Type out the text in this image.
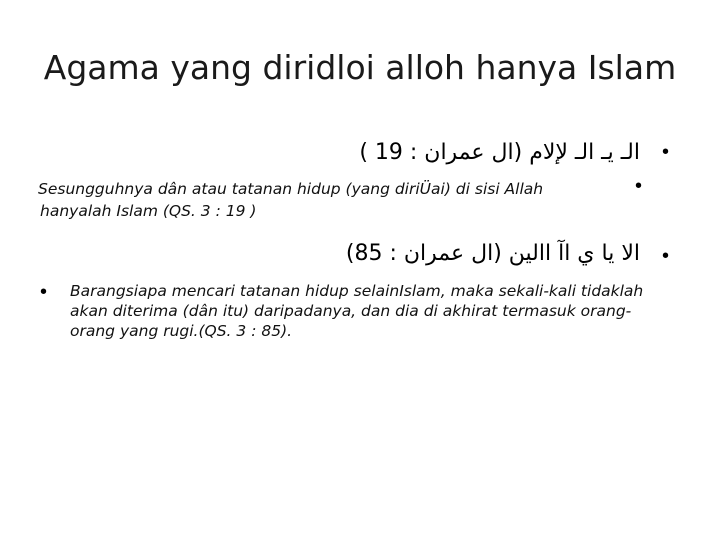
Agama yang diridloi alloh hanya Islam
•
الـ يـ الـ لإلام (ال عمران : 19 )
•
Sesungguhnya dân atau tatanan hidup (yang diriÜai) di sisi Allah
hanyalah Islam (QS. 3 : 19 )
•
الا يا ي اآ االين (ال عمران : 85)
• Barangsiapa mencari tatanan hidup selainIslam, maka sekali-kali tidaklah akan diterima (dân itu) daripadanya, dan dia di akhirat termasuk orang-orang yang rugi.(QS. 3 : 85).
